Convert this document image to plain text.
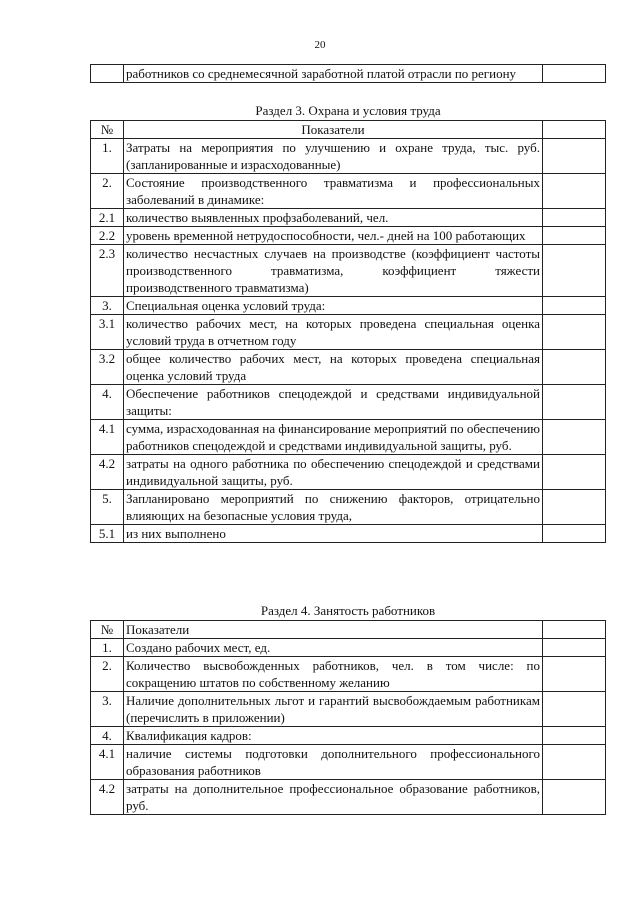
20
	работников со среднемесячной заработной платой отрасли по региону	
Раздел 3. Охрана и условия труда
№	Показатели	
1.	Затраты на мероприятия по улучшению и охране труда, тыс. руб. (запланированные и израсходованные)	
2.	Состояние производственного травматизма и профессиональных заболеваний в динамике:	
2.1	количество выявленных профзаболеваний, чел.	
2.2	уровень временной нетрудоспособности, чел.- дней на 100 работающих	
2.3	количество несчастных случаев на производстве (коэффициент частоты производственного травматизма, коэффициент тяжести производственного травматизма)	
3.	Специальная оценка условий труда:	
3.1	количество рабочих мест, на которых проведена специальная оценка условий труда в отчетном году	
3.2	общее количество рабочих мест, на которых проведена специальная оценка условий труда	
4.	Обеспечение работников спецодеждой и средствами индивидуальной защиты:	
4.1	сумма, израсходованная на финансирование мероприятий по обеспечению работников спецодеждой и средствами индивидуальной защиты, руб.	
4.2	затраты на одного работника по обеспечению спецодеждой и средствами индивидуальной защиты, руб.	
5.	Запланировано мероприятий по снижению факторов, отрицательно влияющих на безопасные условия труда,	
5.1	из них выполнено	
Раздел 4. Занятость работников
№	Показатели	
1.	Создано рабочих мест, ед.	
2.	Количество высвобожденных работников, чел. в том числе: по сокращению штатов по собственному желанию	
3.	Наличие дополнительных льгот и гарантий высвобождаемым работникам (перечислить в приложении)	
4.	Квалификация кадров:	
4.1	наличие системы подготовки дополнительного профессионального образования работников	
4.2	затраты на дополнительное профессиональное образование работников, руб.	
